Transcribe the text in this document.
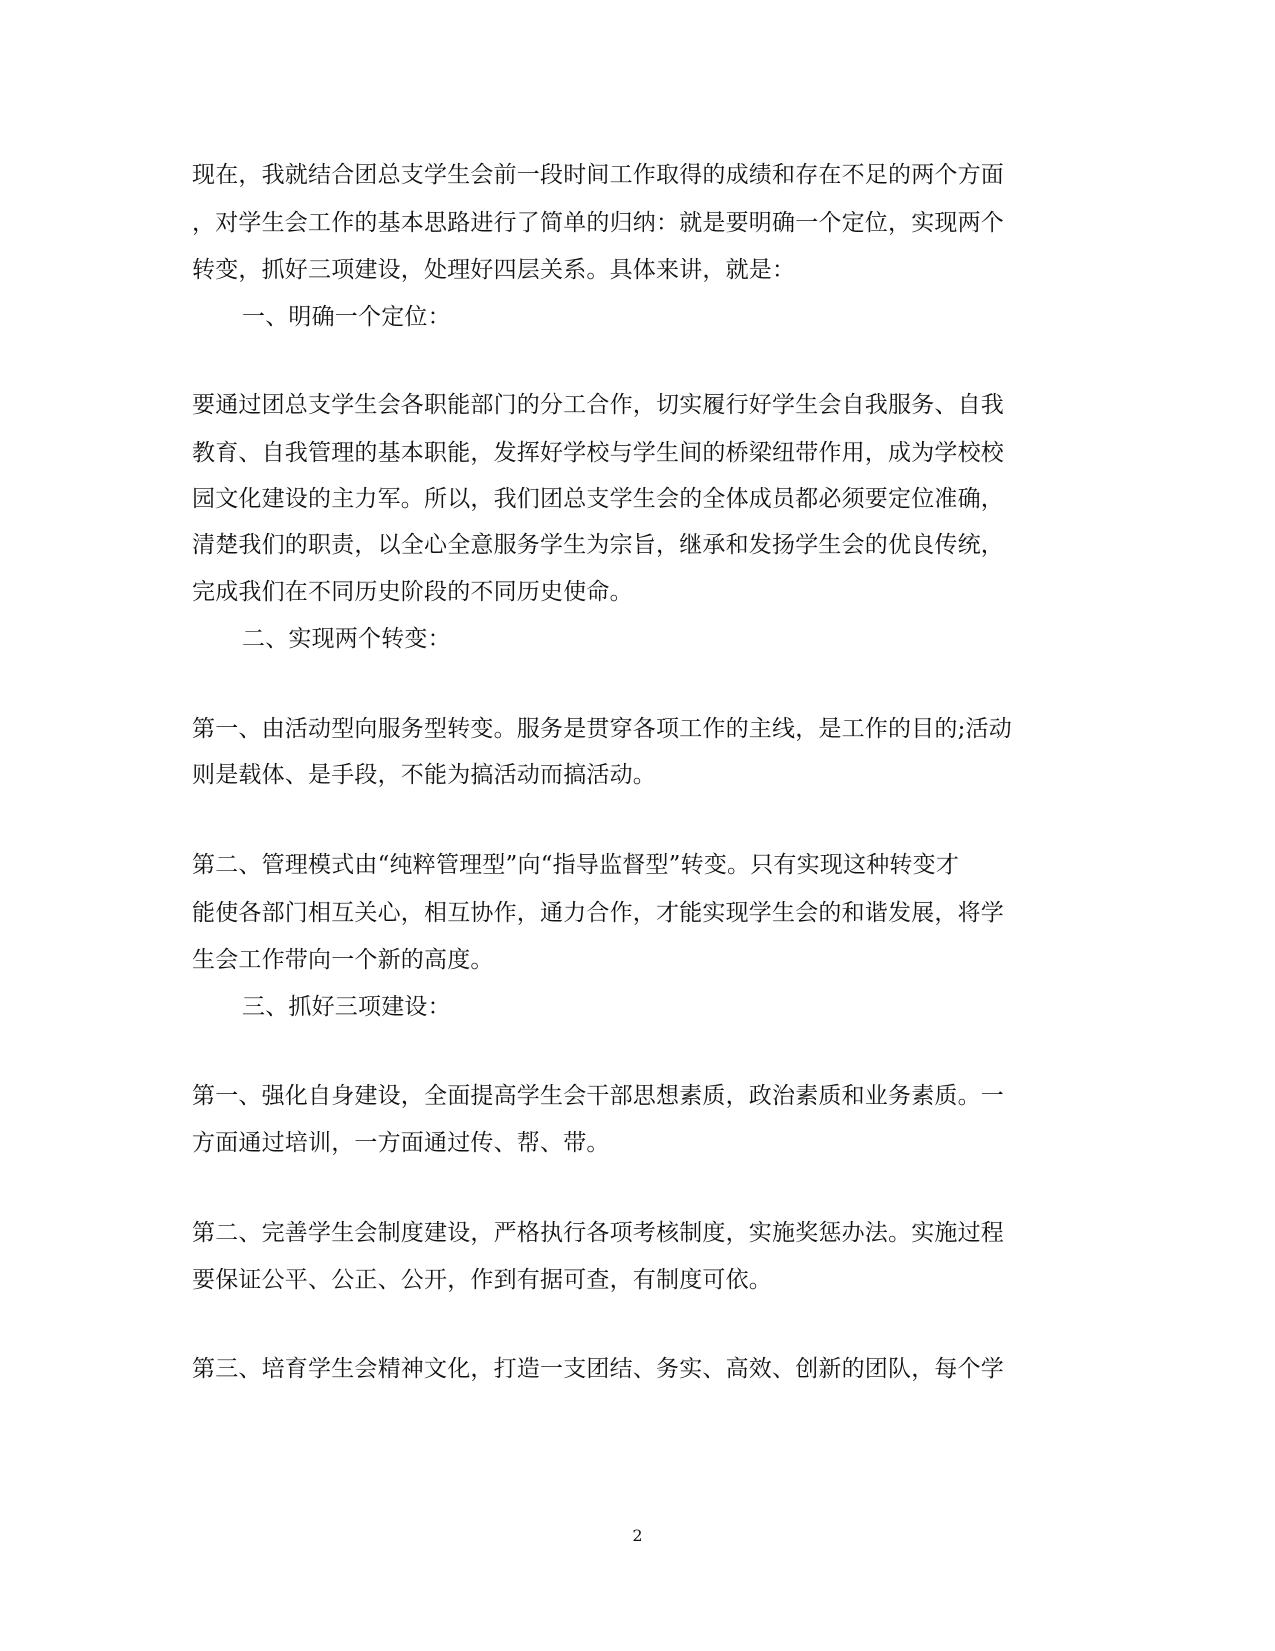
现在，我就结合团总支学生会前一段时间工作取得的成绩和存在不足的两个方面
，对学生会工作的基本思路进行了简单的归纳：就是要明确一个定位，实现两个
转变，抓好三项建设，处理好四层关系。具体来讲，就是：
一、明确一个定位：
要通过团总支学生会各职能部门的分工合作，切实履行好学生会自我服务、自我
教育、自我管理的基本职能，发挥好学校与学生间的桥梁纽带作用，成为学校校
园文化建设的主力军。所以，我们团总支学生会的全体成员都必须要定位准确，
清楚我们的职责，以全心全意服务学生为宗旨，继承和发扬学生会的优良传统，
完成我们在不同历史阶段的不同历史使命。
二、实现两个转变：
第一、由活动型向服务型转变。服务是贯穿各项工作的主线，是工作的目的;活动
则是载体、是手段，不能为搞活动而搞活动。
第二、管理模式由“纯粹管理型”向“指导监督型”转变。只有实现这种转变才
能使各部门相互关心，相互协作，通力合作，才能实现学生会的和谐发展，将学
生会工作带向一个新的高度。
三、抓好三项建设：
第一、强化自身建设，全面提高学生会干部思想素质，政治素质和业务素质。一
方面通过培训，一方面通过传、帮、带。
第二、完善学生会制度建设，严格执行各项考核制度，实施奖惩办法。实施过程
要保证公平、公正、公开，作到有据可查，有制度可依。
第三、培育学生会精神文化，打造一支团结、务实、高效、创新的团队，每个学
2
